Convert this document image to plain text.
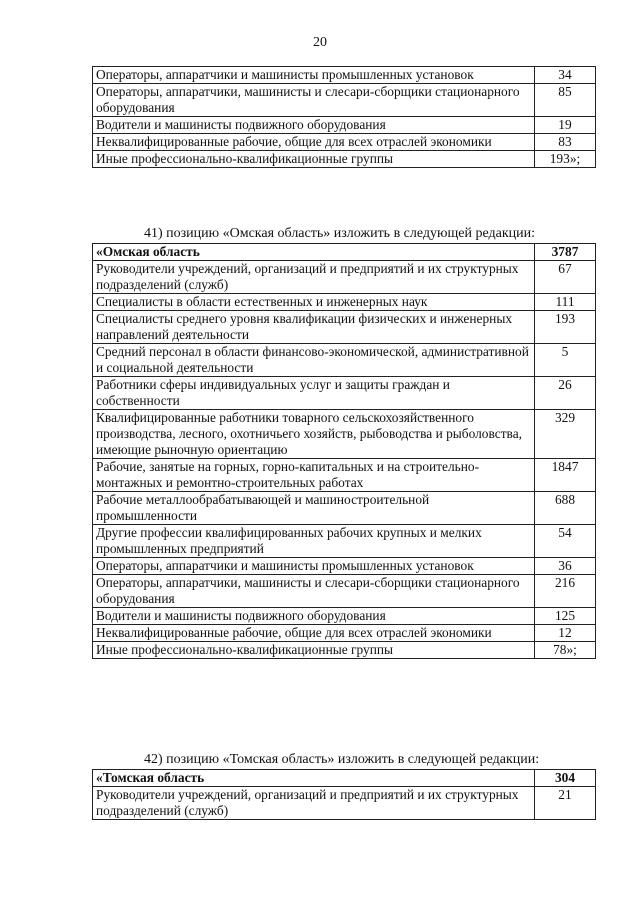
20
Операторы, аппаратчики и машинисты промышленных установок	34
Операторы, аппаратчики, машинисты и слесари-сборщики стационарного оборудования	85
Водители и машинисты подвижного оборудования	19
Неквалифицированные рабочие, общие для всех отраслей экономики	83
Иные профессионально-квалификационные группы	193»;
41) позицию «Омская область» изложить в следующей редакции:
«Омская область	3787
Руководители учреждений, организаций и предприятий и их структурных подразделений (служб)	67
Специалисты в области естественных и инженерных наук	111
Специалисты среднего уровня квалификации физических и инженерных направлений деятельности	193
Средний персонал в области финансово-экономической, административной и социальной деятельности	5
Работники сферы индивидуальных услуг и защиты граждан и собственности	26
Квалифицированные работники товарного сельскохозяйственного производства, лесного, охотничьего хозяйств, рыбоводства и рыболовства, имеющие рыночную ориентацию	329
Рабочие, занятые на горных, горно-капитальных и на строительно-монтажных и ремонтно-строительных работах	1847
Рабочие металлообрабатывающей и машиностроительной промышленности	688
Другие профессии квалифицированных рабочих крупных и мелких промышленных предприятий	54
Операторы, аппаратчики и машинисты промышленных установок	36
Операторы, аппаратчики, машинисты и слесари-сборщики стационарного оборудования	216
Водители и машинисты подвижного оборудования	125
Неквалифицированные рабочие, общие для всех отраслей экономики	12
Иные профессионально-квалификационные группы	78»;
42) позицию «Томская область» изложить в следующей редакции:
«Томская область	304
Руководители учреждений, организаций и предприятий и их структурных подразделений (служб)	21
